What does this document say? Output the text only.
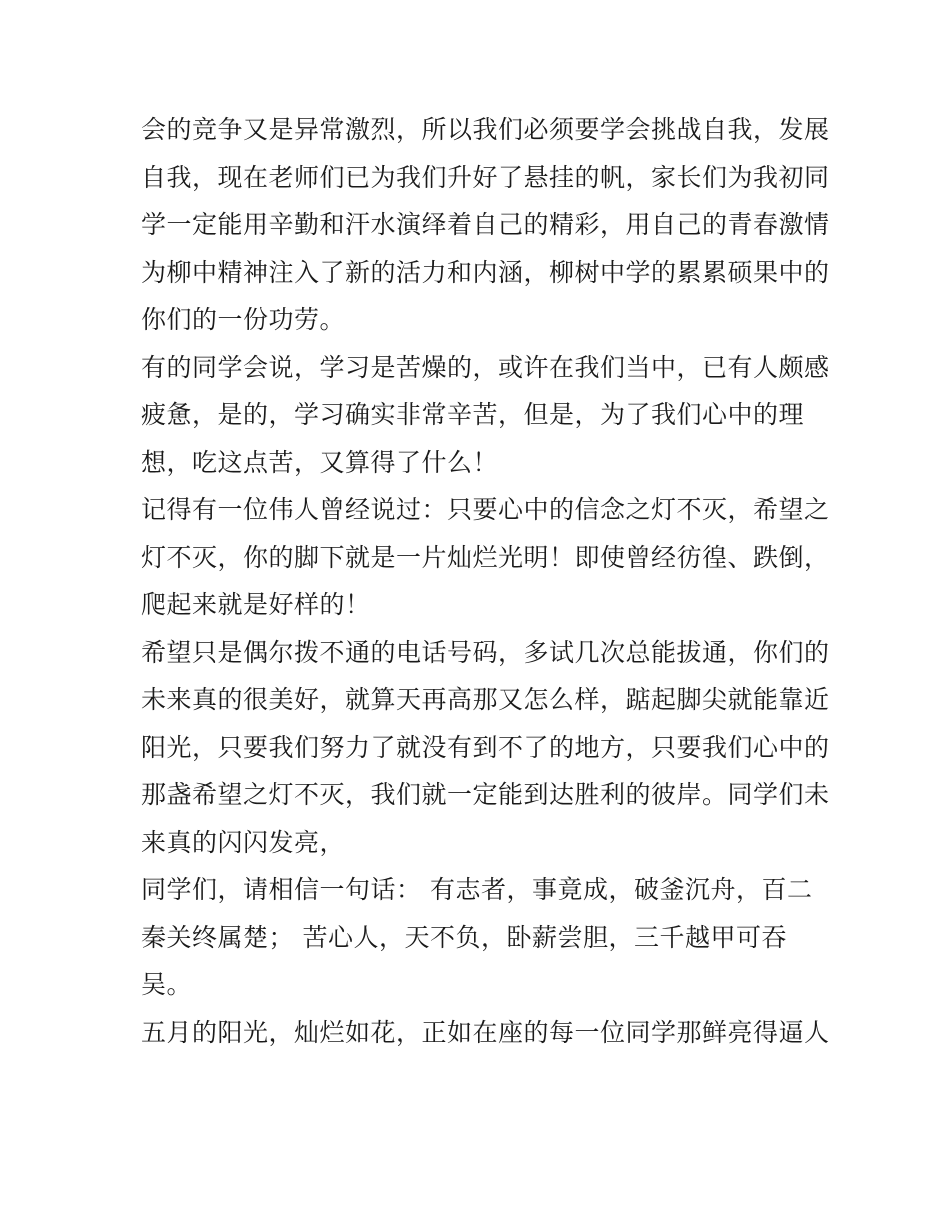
会的竞争又是异常激烈，所以我们必须要学会挑战自我，发展
自我，现在老师们已为我们升好了悬挂的帆，家长们为我初同
学一定能用辛勤和汗水演绎着自己的精彩，用自己的青春激情
为柳中精神注入了新的活力和内涵，柳树中学的累累硕果中的
你们的一份功劳。
有的同学会说，学习是苦燥的，或许在我们当中，已有人颇感
疲惫，是的，学习确实非常辛苦，但是，为了我们心中的理
想，吃这点苦，又算得了什么！
记得有一位伟人曾经说过：只要心中的信念之灯不灭，希望之
灯不灭，你的脚下就是一片灿烂光明！即使曾经彷徨、跌倒，
爬起来就是好样的！
希望只是偶尔拨不通的电话号码，多试几次总能拔通，你们的
未来真的很美好，就算天再高那又怎么样，踮起脚尖就能靠近
阳光，只要我们努力了就没有到不了的地方，只要我们心中的
那盏希望之灯不灭，我们就一定能到达胜利的彼岸。同学们未
来真的闪闪发亮，
同学们，请相信一句话： 有志者，事竟成，破釜沉舟，百二
秦关终属楚； 苦心人，天不负，卧薪尝胆，三千越甲可吞
吴。
五月的阳光，灿烂如花，正如在座的每一位同学那鲜亮得逼人
